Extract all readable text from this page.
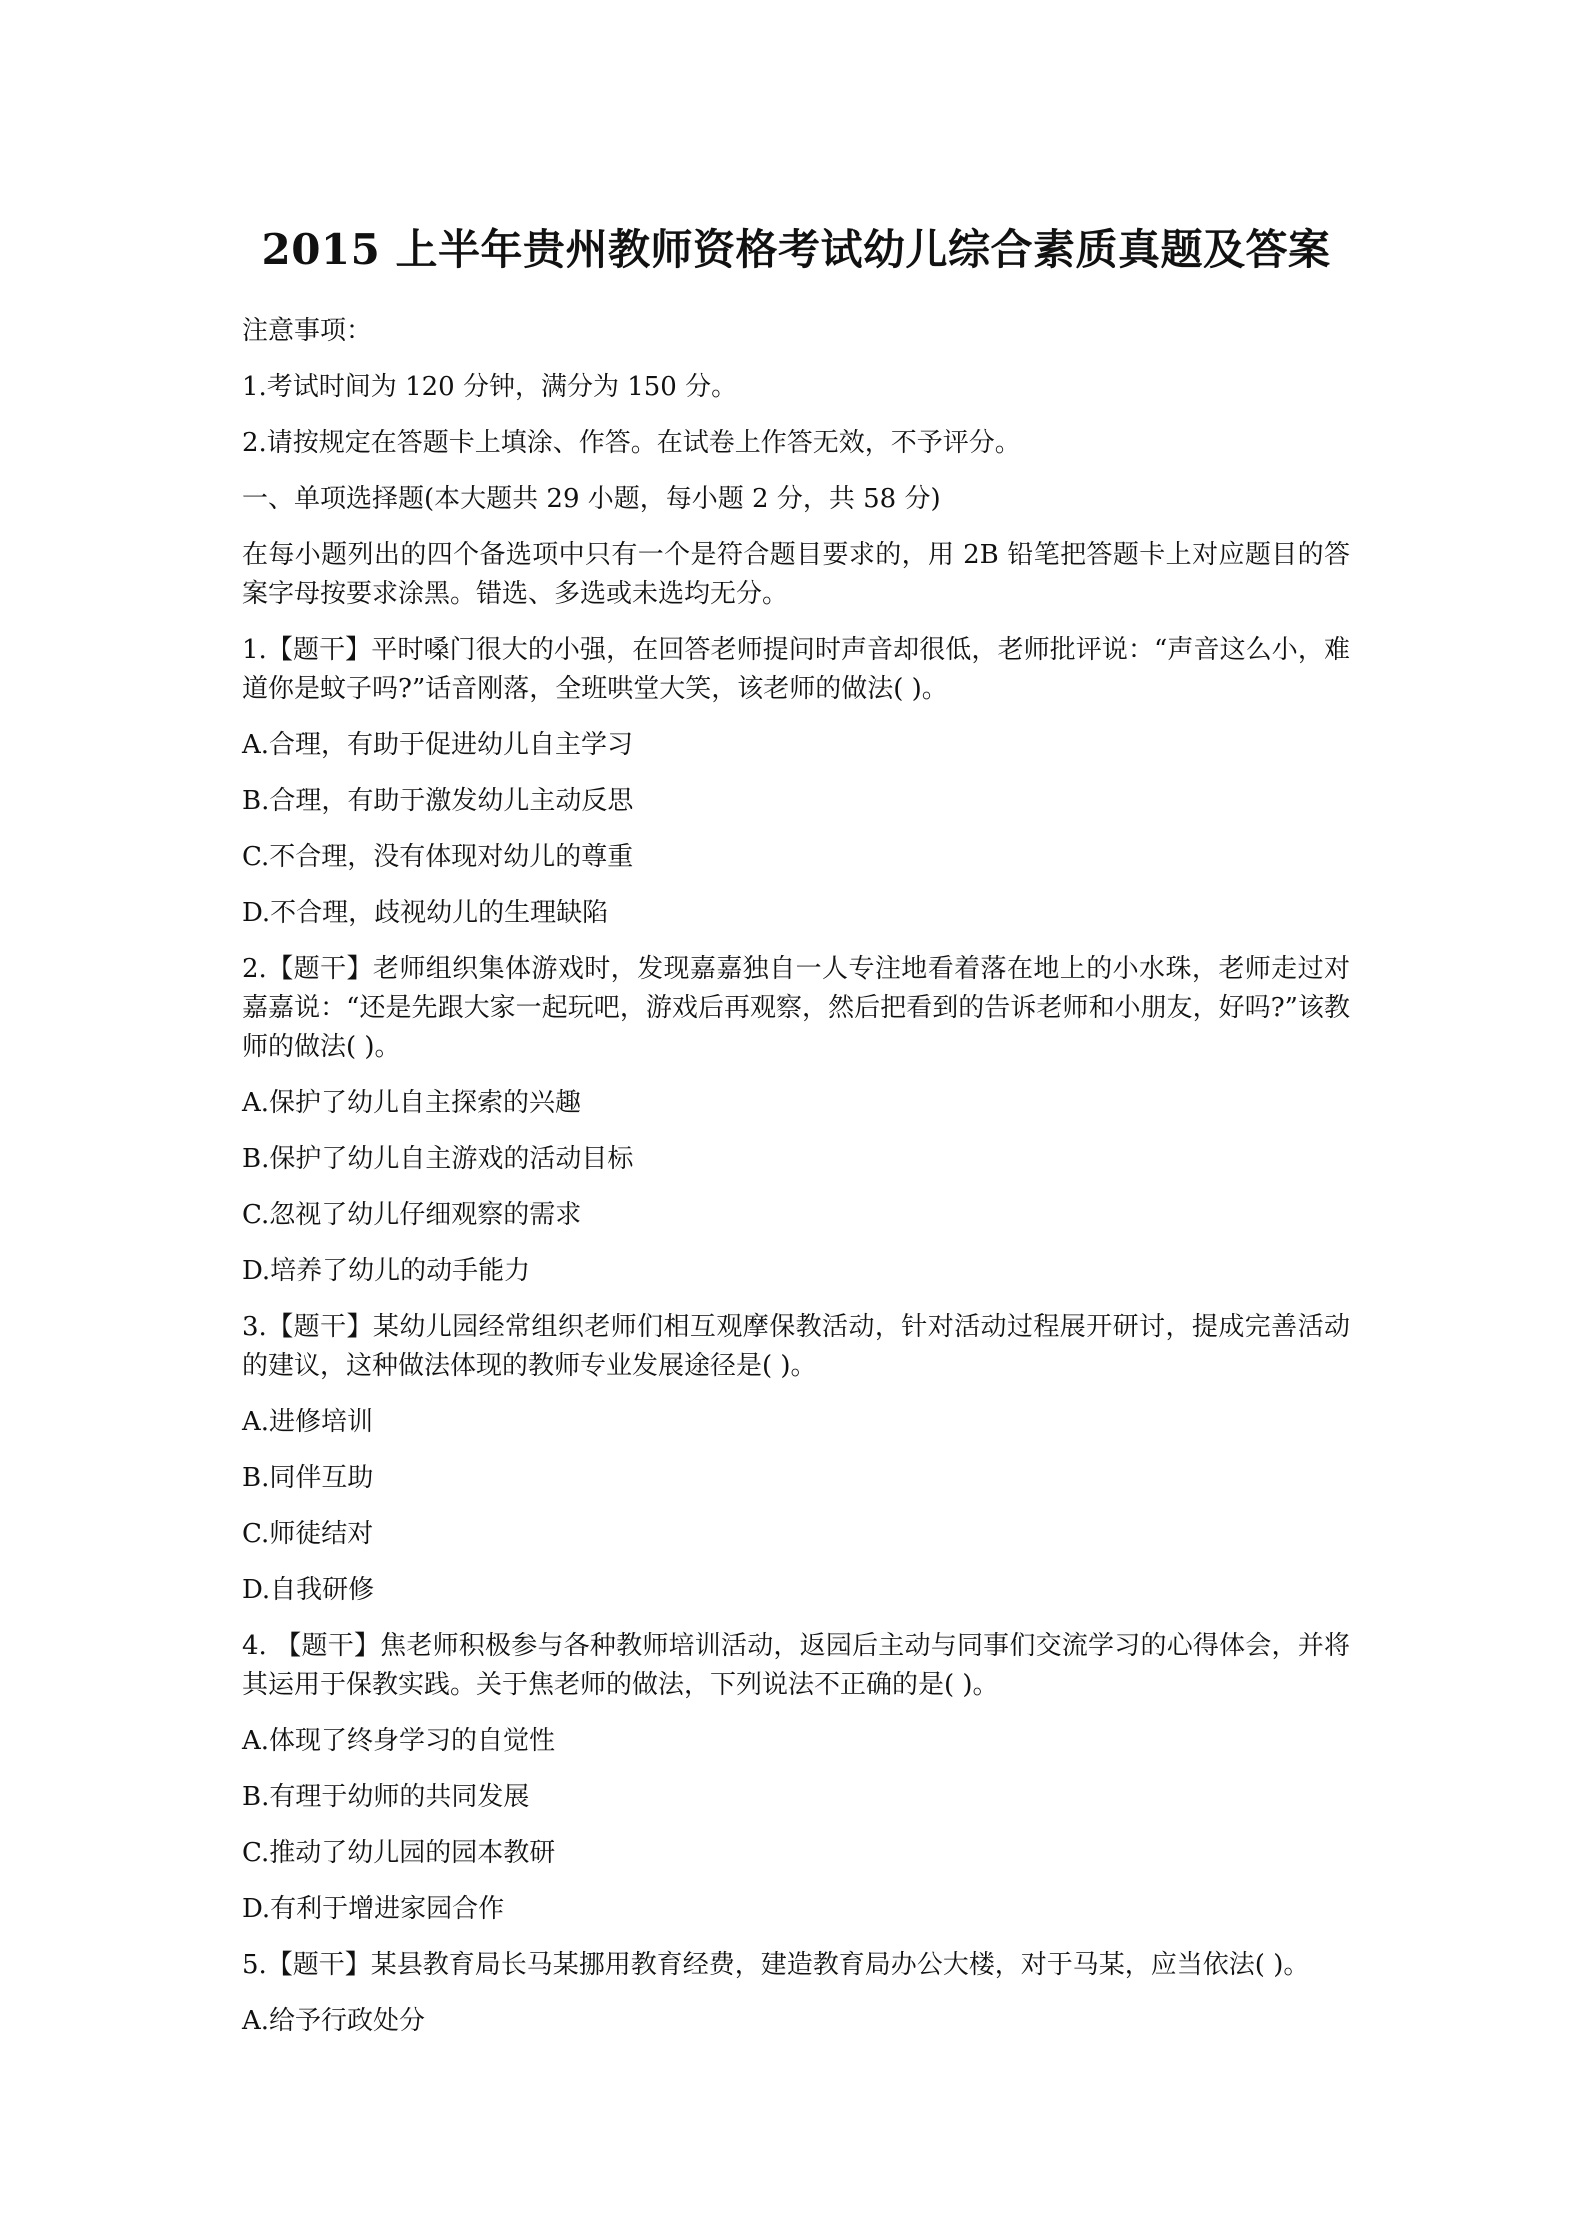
2015 上半年贵州教师资格考试幼儿综合素质真题及答案

注意事项：

1.考试时间为 120 分钟，满分为 150 分。

2.请按规定在答题卡上填涂、作答。在试卷上作答无效，不予评分。

一、单项选择题(本大题共 29 小题，每小题 2 分，共 58 分)

在每小题列出的四个备选项中只有一个是符合题目要求的，用 2B 铅笔把答题卡上对应题目的答案字母按要求涂黑。错选、多选或未选均无分。

1.【题干】平时嗓门很大的小强，在回答老师提问时声音却很低，老师批评说：“声音这么小，难道你是蚊子吗?”话音刚落，全班哄堂大笑，该老师的做法( )。

A.合理，有助于促进幼儿自主学习

B.合理，有助于激发幼儿主动反思

C.不合理，没有体现对幼儿的尊重

D.不合理，歧视幼儿的生理缺陷

2.【题干】老师组织集体游戏时，发现嘉嘉独自一人专注地看着落在地上的小水珠，老师走过对嘉嘉说：“还是先跟大家一起玩吧，游戏后再观察，然后把看到的告诉老师和小朋友，好吗?”该教师的做法( )。

A.保护了幼儿自主探索的兴趣

B.保护了幼儿自主游戏的活动目标

C.忽视了幼儿仔细观察的需求

D.培养了幼儿的动手能力

3.【题干】某幼儿园经常组织老师们相互观摩保教活动，针对活动过程展开研讨，提成完善活动的建议，这种做法体现的教师专业发展途径是( )。

A.进修培训

B.同伴互助

C.师徒结对

D.自我研修

4. 【题干】焦老师积极参与各种教师培训活动，返园后主动与同事们交流学习的心得体会，并将其运用于保教实践。关于焦老师的做法，下列说法不正确的是( )。

A.体现了终身学习的自觉性

B.有理于幼师的共同发展

C.推动了幼儿园的园本教研

D.有利于增进家园合作

5.【题干】某县教育局长马某挪用教育经费，建造教育局办公大楼，对于马某，应当依法( )。

A.给予行政处分
